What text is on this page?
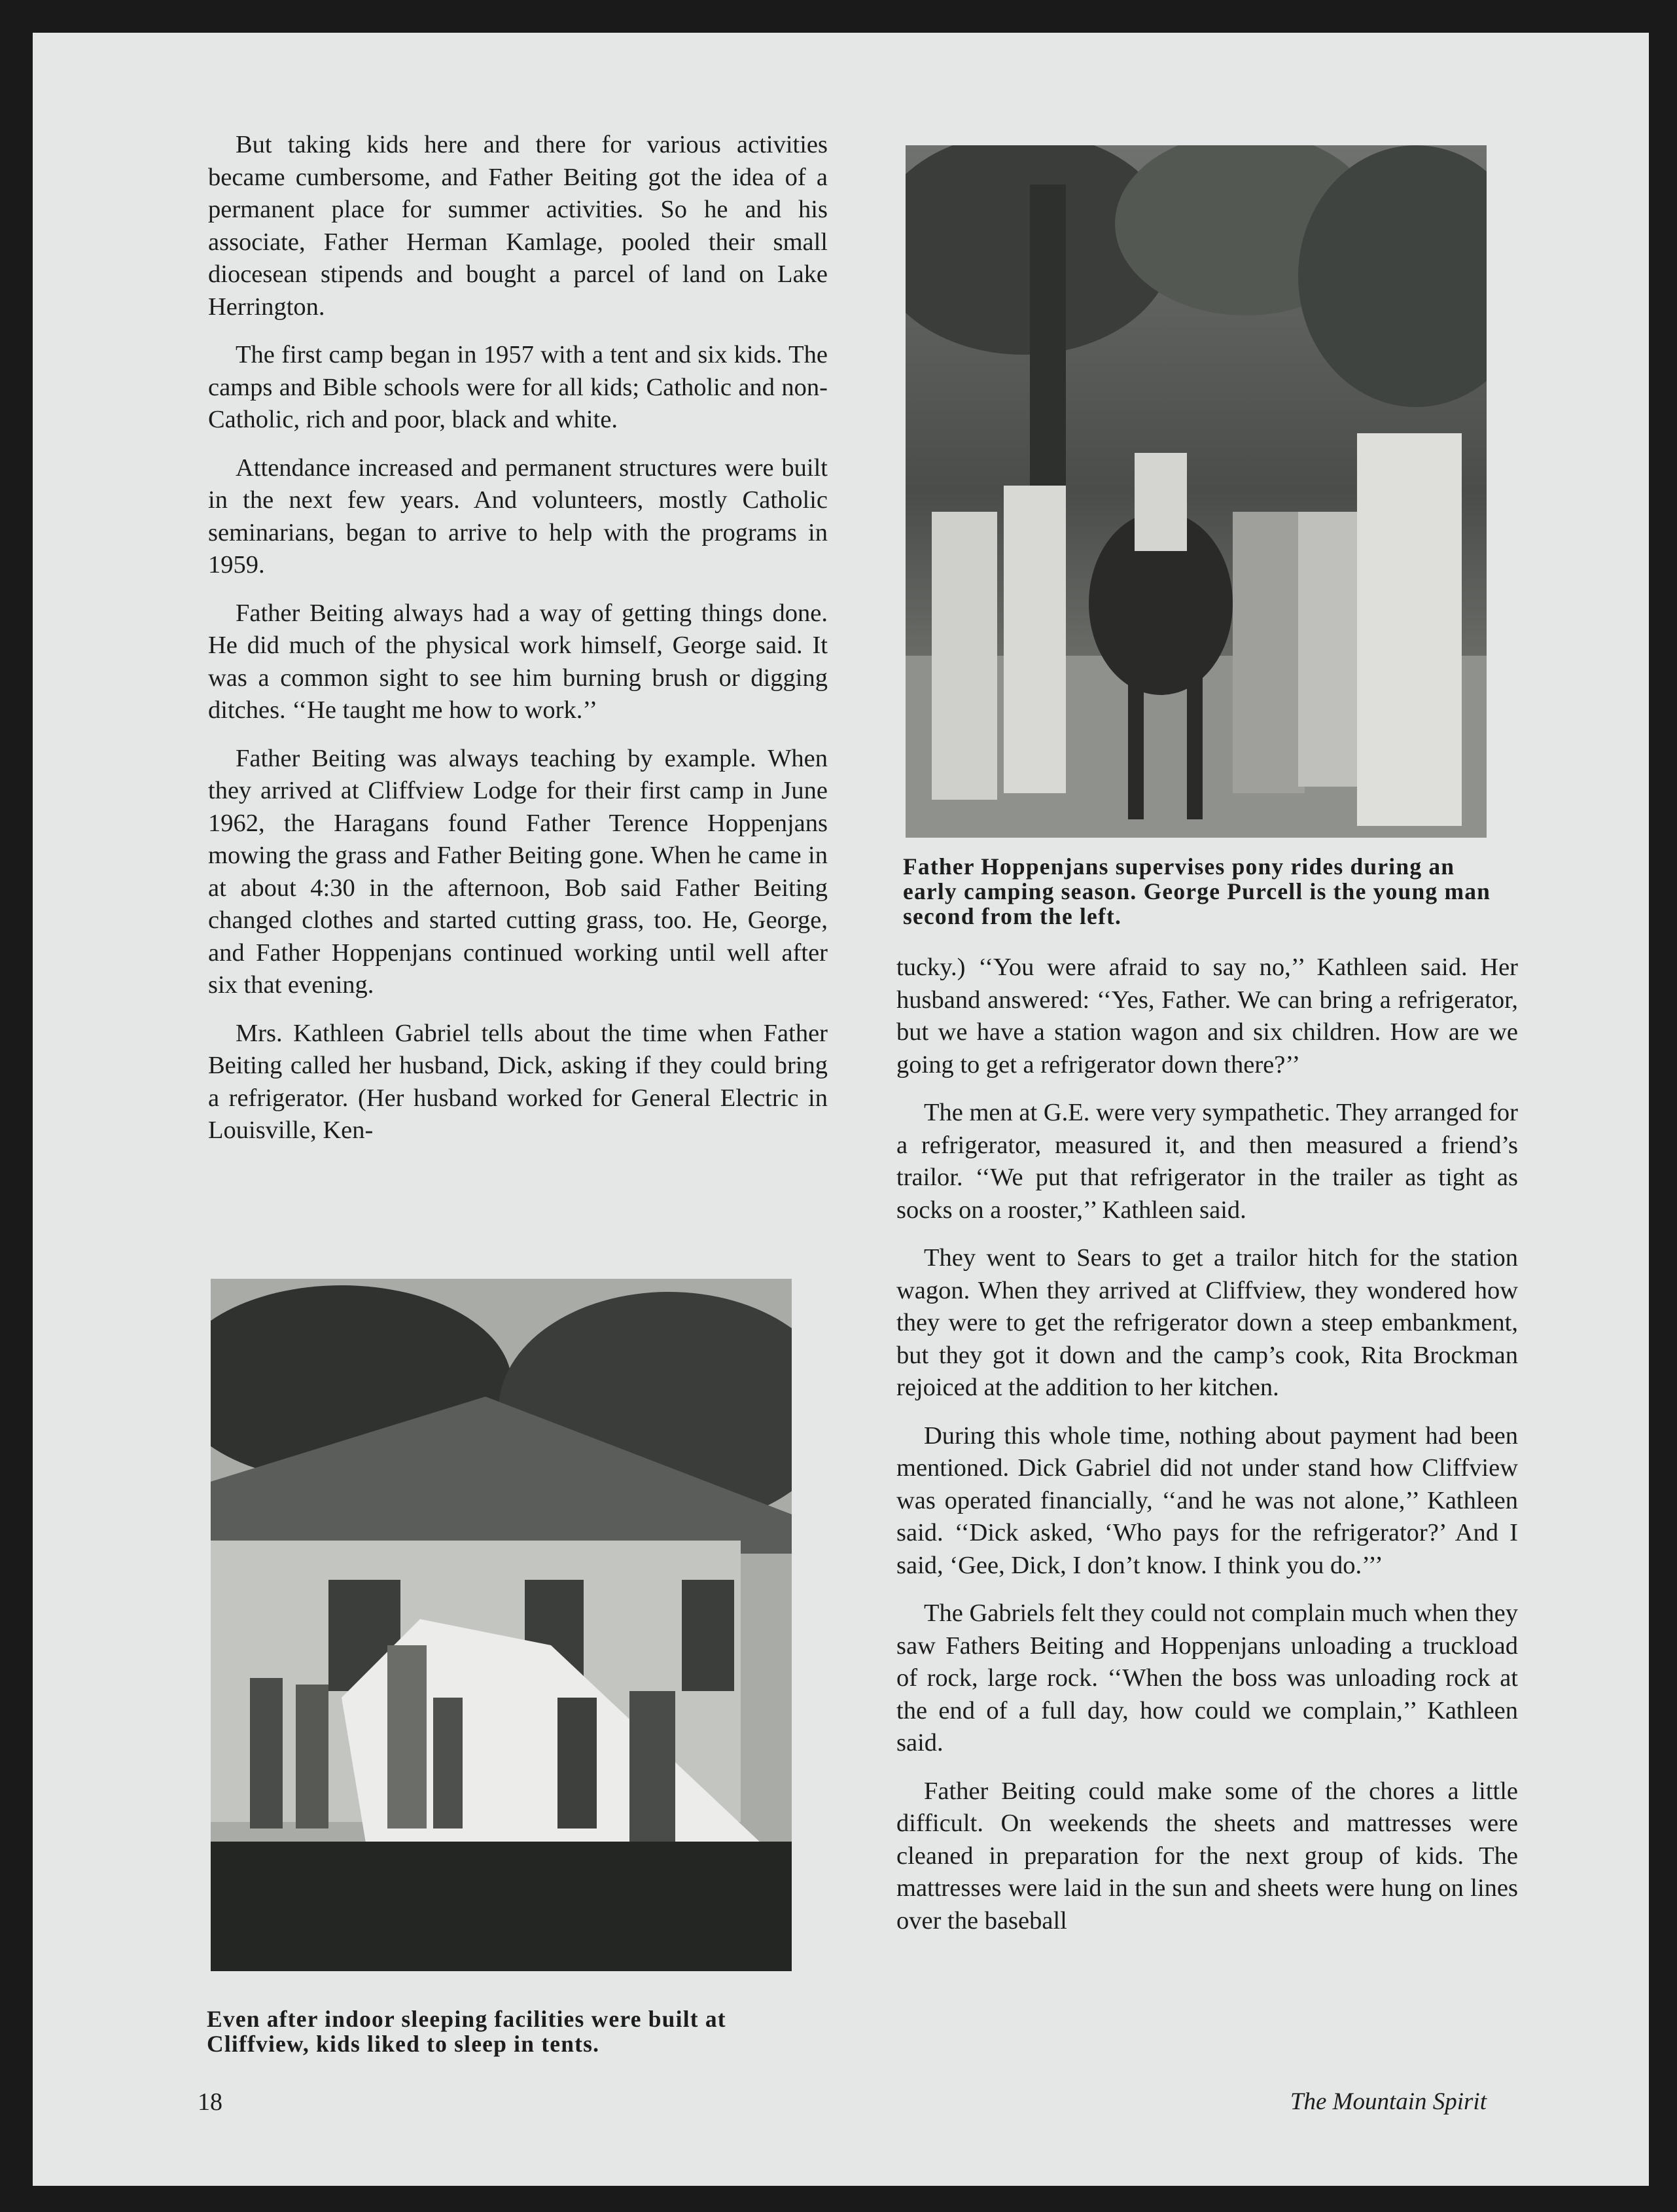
But taking kids here and there for various activities became cumbersome, and Father Beiting got the idea of a permanent place for summer activities. So he and his associate, Father Herman Kamlage, pooled their small diocesean stipends and bought a parcel of land on Lake Herrington.

The first camp began in 1957 with a tent and six kids. The camps and Bible schools were for all kids; Catholic and non-Catholic, rich and poor, black and white.

Attendance increased and permanent structures were built in the next few years. And volunteers, mostly Catholic seminarians, began to arrive to help with the programs in 1959.

Father Beiting always had a way of getting things done. He did much of the physical work himself, George said. It was a common sight to see him burning brush or digging ditches. ‘‘He taught me how to work.’’

Father Beiting was always teaching by example. When they arrived at Cliffview Lodge for their first camp in June 1962, the Haragans found Father Terence Hoppenjans mowing the grass and Father Beiting gone. When he came in at about 4:30 in the afternoon, Bob said Father Beiting changed clothes and started cutting grass, too. He, George, and Father Hoppenjans continued working until well after six that evening.

Mrs. Kathleen Gabriel tells about the time when Father Beiting called her husband, Dick, asking if they could bring a refrigerator. (Her husband worked for General Electric in Louisville, Ken-

Father Hoppenjans supervises pony rides during an early camping season. George Purcell is the young man second from the left.

tucky.) ‘‘You were afraid to say no,’’ Kathleen said. Her husband answered: ‘‘Yes, Father. We can bring a refrigerator, but we have a station wagon and six children. How are we going to get a refrigerator down there?’’

The men at G.E. were very sympathetic. They arranged for a refrigerator, measured it, and then measured a friend’s trailor. ‘‘We put that refrigerator in the trailer as tight as socks on a rooster,’’ Kathleen said.

They went to Sears to get a trailor hitch for the station wagon. When they arrived at Cliffview, they wondered how they were to get the refrigerator down a steep embankment, but they got it down and the camp’s cook, Rita Brockman rejoiced at the addition to her kitchen.

During this whole time, nothing about payment had been mentioned. Dick Gabriel did not under stand how Cliffview was operated financially, ‘‘and he was not alone,’’ Kathleen said. ‘‘Dick asked, ‘Who pays for the refrigerator?’ And I said, ‘Gee, Dick, I don’t know. I think you do.’’’

The Gabriels felt they could not complain much when they saw Fathers Beiting and Hoppenjans unloading a truckload of rock, large rock. ‘‘When the boss was unloading rock at the end of a full day, how could we complain,’’ Kathleen said.

Father Beiting could make some of the chores a little difficult. On weekends the sheets and mattresses were cleaned in preparation for the next group of kids. The mattresses were laid in the sun and sheets were hung on lines over the baseball

Even after indoor sleeping facilities were built at Cliffview, kids liked to sleep in tents.
18	The Mountain Spirit
